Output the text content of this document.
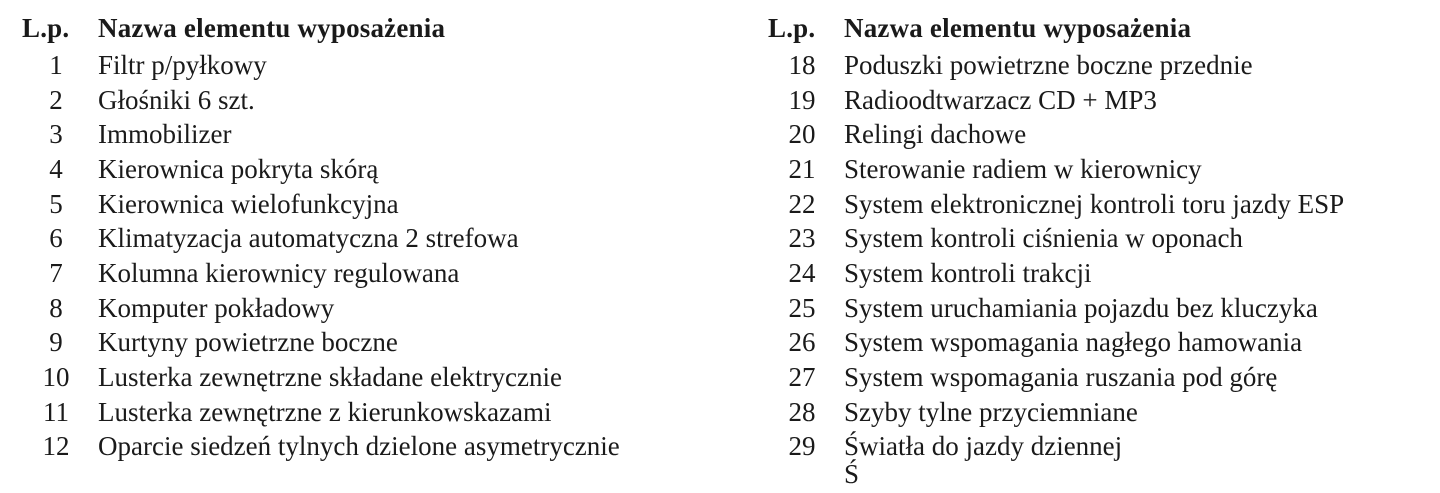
L.p.	Nazwa elementu wyposażenia
1	Filtr p/pyłkowy
2	Głośniki 6 szt.
3	Immobilizer
4	Kierownica pokryta skórą
5	Kierownica wielofunkcyjna
6	Klimatyzacja automatyczna 2 strefowa
7	Kolumna kierownicy regulowana
8	Komputer pokładowy
9	Kurtyny powietrzne boczne
10	Lusterka zewnętrzne składane elektrycznie
11	Lusterka zewnętrzne z kierunkowskazami
12	Oparcie siedzeń tylnych dzielone asymetrycznie
L.p.	Nazwa elementu wyposażenia
18	Poduszki powietrzne boczne przednie
19	Radioodtwarzacz CD + MP3
20	Relingi dachowe
21	Sterowanie radiem w kierownicy
22	System elektronicznej kontroli toru jazdy ESP
23	System kontroli ciśnienia w oponach
24	System kontroli trakcji
25	System uruchamiania pojazdu bez kluczyka
26	System wspomagania nagłego hamowania
27	System wspomagania ruszania pod górę
28	Szyby tylne przyciemniane
29	Światła do jazdy dziennej
Ś
